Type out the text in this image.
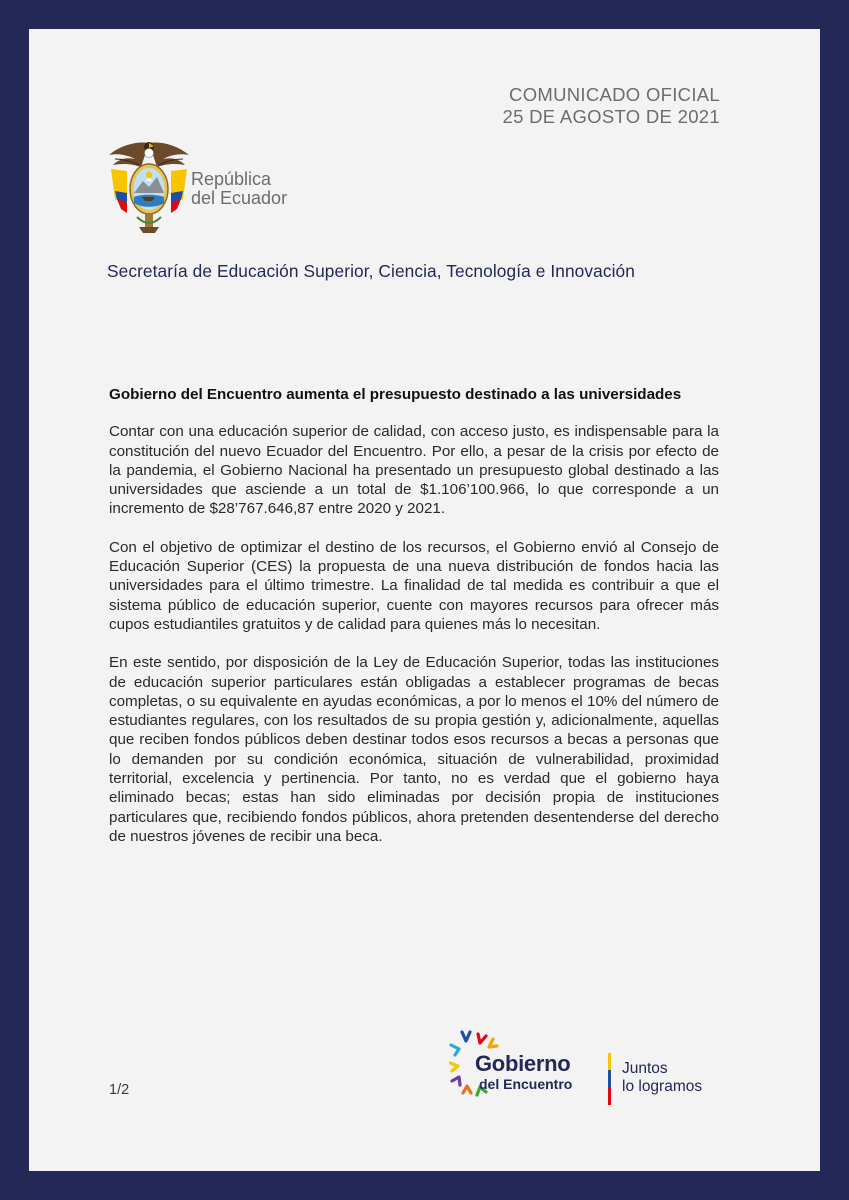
COMUNICADO OFICIAL
25 DE AGOSTO DE 2021
República
del Ecuador
Secretaría de Educación Superior, Ciencia, Tecnología e Innovación
Gobierno del Encuentro aumenta el presupuesto destinado a las universidades

Contar con una educación superior de calidad, con acceso justo, es indispensable para la constitución del nuevo Ecuador del Encuentro. Por ello, a pesar de la crisis por efecto de la pandemia, el Gobierno Nacional ha presentado un presupuesto global destinado a las universidades que asciende a un total de $1.106’100.966, lo que corresponde a un incremento de $28’767.646,87 entre 2020 y 2021.

Con el objetivo de optimizar el destino de los recursos, el Gobierno envió al Consejo de Educación Superior (CES) la propuesta de una nueva distribución de fondos hacia las universidades para el último trimestre. La finalidad de tal medida es contribuir a que el sistema público de educación superior, cuente con mayores recursos para ofrecer más cupos estudiantiles gratuitos y de calidad para quienes más lo necesitan.

En este sentido, por disposición de la Ley de Educación Superior, todas las instituciones de educación superior particulares están obligadas a establecer programas de becas completas, o su equivalente en ayudas económicas, a por lo menos el 10% del número de estudiantes regulares, con los resultados de su propia gestión y, adicionalmente, aquellas que reciben fondos públicos deben destinar todos esos recursos a becas a personas que lo demanden por su condición económica, situación de vulnerabilidad, proximidad territorial, excelencia y pertinencia. Por tanto, no es verdad que el gobierno haya eliminado becas; estas han sido eliminadas por decisión propia de instituciones particulares que, recibiendo fondos públicos, ahora pretenden desentenderse del derecho de nuestros jóvenes de recibir una beca.

1/2
Gobierno
del Encuentro
Juntos
lo logramos
